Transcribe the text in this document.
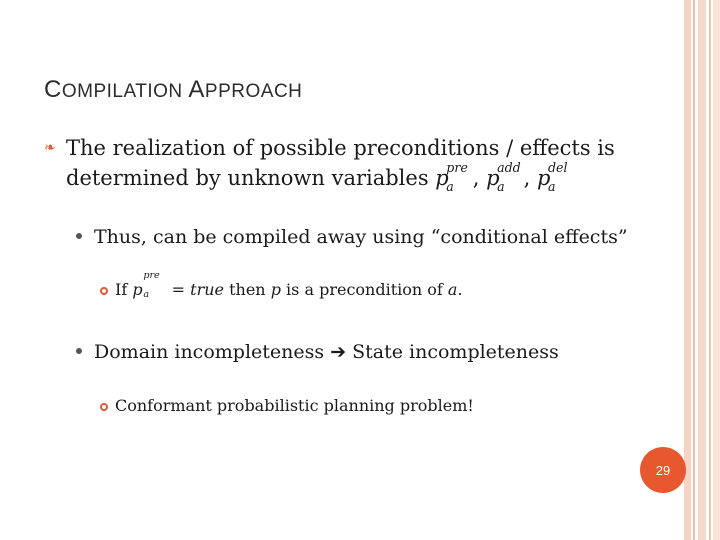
COMPILATION APPROACH
❧ The realization of possible preconditions / effects is
determined by unknown variables p
pre
a , p
add
a , p
del
a
Thus, can be compiled away using “conditional effects”
If p
pre
a = true then p is a precondition of a.
Domain incompleteness ➔ State incompleteness
Conformant probabilistic planning problem!
29
